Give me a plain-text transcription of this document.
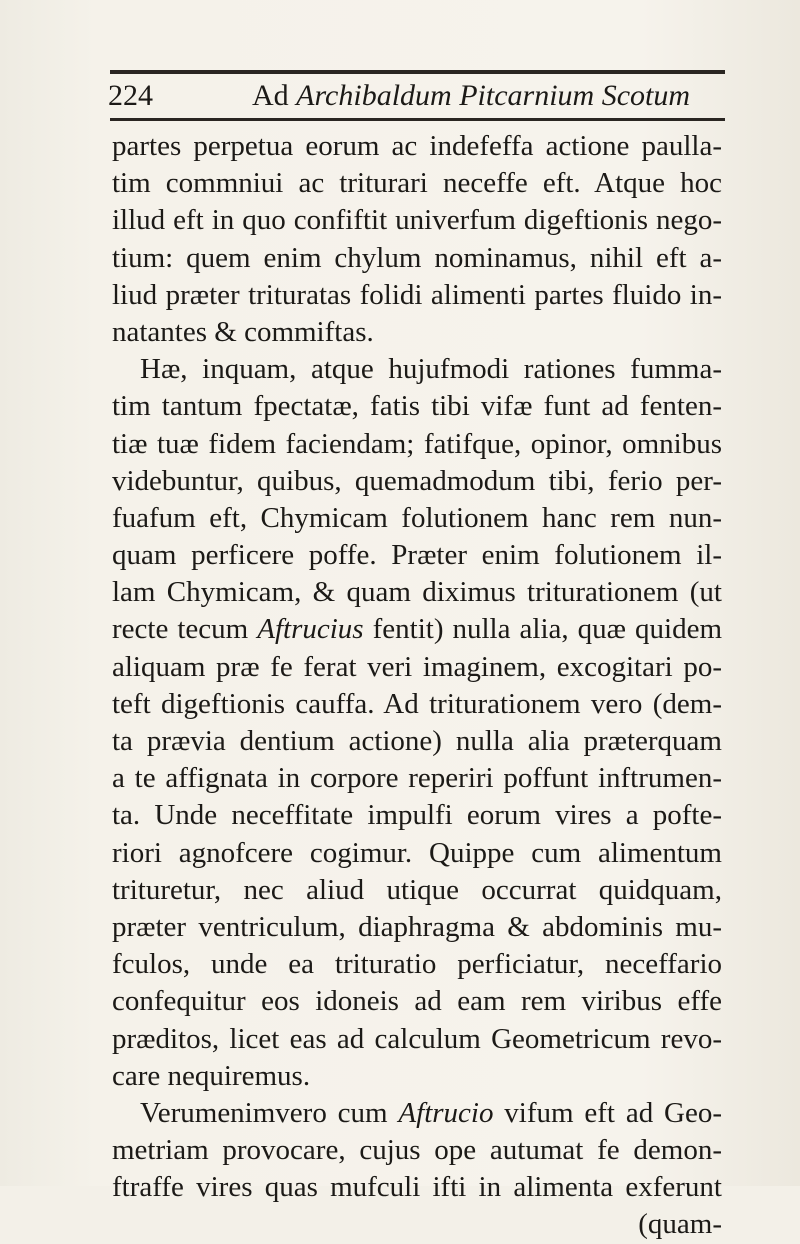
224	Ad Archibaldum Pitcarnium Scotum
partes perpetua eorum ac indefeffa actione paulla-
tim commniui ac triturari neceffe eft. Atque hoc
illud eft in quo confiftit univerfum digeftionis nego-
tium: quem enim chylum nominamus, nihil eft a-
liud præter trituratas folidi alimenti partes fluido in-
natantes & commiftas.
Hæ, inquam, atque hujufmodi rationes fumma-
tim tantum fpectatæ, fatis tibi vifæ funt ad fenten-
tiæ tuæ fidem faciendam; fatifque, opinor, omnibus
videbuntur, quibus, quemadmodum tibi, ferio per-
fuafum eft, Chymicam folutionem hanc rem nun-
quam perficere poffe. Præter enim folutionem il-
lam Chymicam, & quam diximus triturationem (ut
recte tecum Aftrucius fentit) nulla alia, quæ quidem
aliquam præ fe ferat veri imaginem, excogitari po-
teft digeftionis cauffa. Ad triturationem vero (dem-
ta prævia dentium actione) nulla alia præterquam
a te affignata in corpore reperiri poffunt inftrumen-
ta. Unde neceffitate impulfi eorum vires a pofte-
riori agnofcere cogimur. Quippe cum alimentum
trituretur, nec aliud utique occurrat quidquam,
præter ventriculum, diaphragma & abdominis mu-
fculos, unde ea trituratio perficiatur, neceffario
confequitur eos idoneis ad eam rem viribus effe
præditos, licet eas ad calculum Geometricum revo-
care nequiremus.
Verumenimvero cum Aftrucio vifum eft ad Geo-
metriam provocare, cujus ope autumat fe demon-
ftraffe vires quas mufculi ifti in alimenta exferunt
(quam-
